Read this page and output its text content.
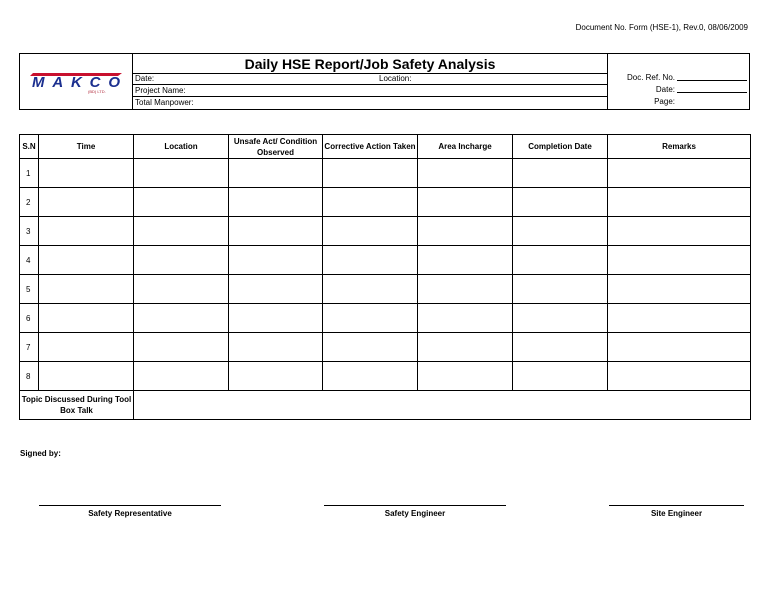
Document No. Form (HSE-1), Rev.0, 08/06/2009
MAKCO
(BD) LTD.
Daily HSE Report/Job Safety Analysis
Date:	Location:
Project Name:
Total Manpower:
Doc. Ref. No.
Date:
Page:
S.N	Time	Location	Unsafe Act/ Condition Observed	Corrective Action Taken	Area Incharge	Completion Date	Remarks
1							
2							
3							
4							
5							
6							
7							
8							
Topic Discussed During Tool Box Talk							
Signed by:
Safety Representative	Safety Engineer	Site Engineer
